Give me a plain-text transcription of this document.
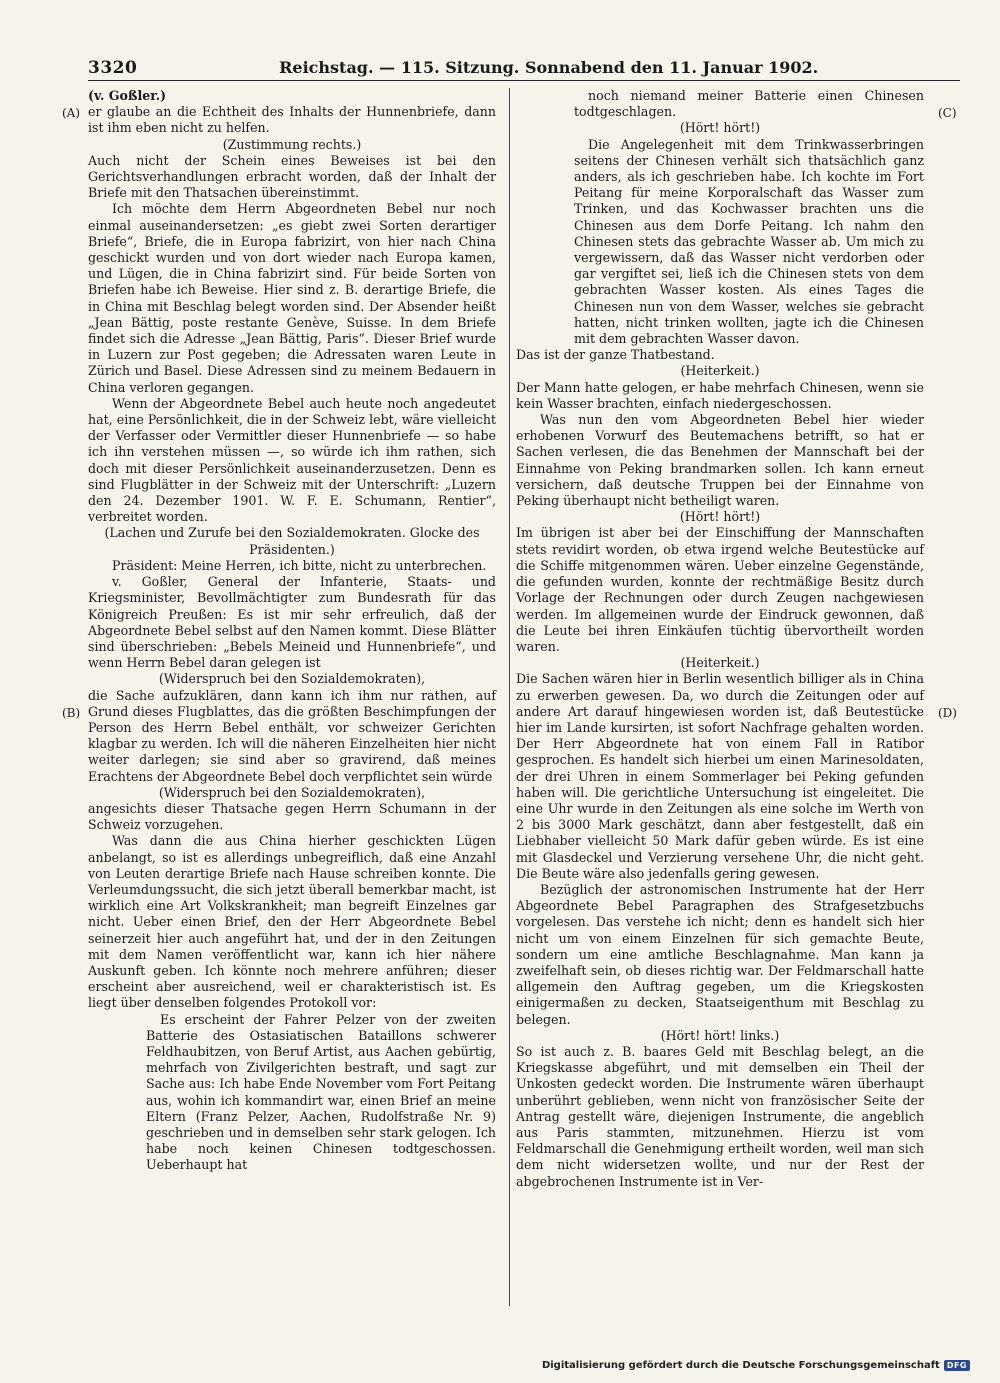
3320	Reichstag. — 115. Sitzung. Sonnabend den 11. Januar 1902.
(A)
(B)
(C)
(D)

(v. Goßler.)

er glaube an die Echtheit des Inhalts der Hunnenbriefe, dann ist ihm eben nicht zu helfen.

(Zustimmung rechts.)

Auch nicht der Schein eines Beweises ist bei den Gerichtsverhandlungen erbracht worden, daß der Inhalt der Briefe mit den Thatsachen übereinstimmt.

Ich möchte dem Herrn Abgeordneten Bebel nur noch einmal auseinandersetzen: „es giebt zwei Sorten derartiger Briefe“, Briefe, die in Europa fabrizirt, von hier nach China geschickt wurden und von dort wieder nach Europa kamen, und Lügen, die in China fabrizirt sind. Für beide Sorten von Briefen habe ich Beweise. Hier sind z. B. derartige Briefe, die in China mit Beschlag belegt worden sind. Der Absender heißt „Jean Bättig, poste restante Genève, Suisse. In dem Briefe findet sich die Adresse „Jean Bättig, Paris“. Dieser Brief wurde in Luzern zur Post gegeben; die Adressaten waren Leute in Zürich und Basel. Diese Adressen sind zu meinem Bedauern in China verloren gegangen.

Wenn der Abgeordnete Bebel auch heute noch angedeutet hat, eine Persönlichkeit, die in der Schweiz lebt, wäre vielleicht der Verfasser oder Vermittler dieser Hunnenbriefe — so habe ich ihn verstehen müssen —, so würde ich ihm rathen, sich doch mit dieser Persönlichkeit auseinanderzusetzen. Denn es sind Flugblätter in der Schweiz mit der Unterschrift: „Luzern den 24. Dezember 1901. W. F. E. Schumann, Rentier“, verbreitet worden.

(Lachen und Zurufe bei den Sozialdemokraten. Glocke des Präsidenten.)

Präsident: Meine Herren, ich bitte, nicht zu unterbrechen.

v. Goßler, General der Infanterie, Staats- und Kriegsminister, Bevollmächtigter zum Bundesrath für das Königreich Preußen: Es ist mir sehr erfreulich, daß der Abgeordnete Bebel selbst auf den Namen kommt. Diese Blätter sind überschrieben: „Bebels Meineid und Hunnenbriefe“, und wenn Herrn Bebel daran gelegen ist

(Widerspruch bei den Sozialdemokraten),

die Sache aufzuklären, dann kann ich ihm nur rathen, auf Grund dieses Flugblattes, das die größten Beschimpfungen der Person des Herrn Bebel enthält, vor schweizer Gerichten klagbar zu werden. Ich will die näheren Einzelheiten hier nicht weiter darlegen; sie sind aber so gravirend, daß meines Erachtens der Abgeordnete Bebel doch verpflichtet sein würde

(Widerspruch bei den Sozialdemokraten),

angesichts dieser Thatsache gegen Herrn Schumann in der Schweiz vorzugehen.

Was dann die aus China hierher geschickten Lügen anbelangt, so ist es allerdings unbegreiflich, daß eine Anzahl von Leuten derartige Briefe nach Hause schreiben konnte. Die Verleumdungssucht, die sich jetzt überall bemerkbar macht, ist wirklich eine Art Volkskrankheit; man begreift Einzelnes gar nicht. Ueber einen Brief, den der Herr Abgeordnete Bebel seinerzeit hier auch angeführt hat, und der in den Zeitungen mit dem Namen veröffentlicht war, kann ich hier nähere Auskunft geben. Ich könnte noch mehrere anführen; dieser erscheint aber ausreichend, weil er charakteristisch ist. Es liegt über denselben folgendes Protokoll vor:

Es erscheint der Fahrer Pelzer von der zweiten Batterie des Ostasiatischen Bataillons schwerer Feldhaubitzen, von Beruf Artist, aus Aachen gebürtig, mehrfach von Zivilgerichten bestraft, und sagt zur Sache aus: Ich habe Ende November vom Fort Peitang aus, wohin ich kommandirt war, einen Brief an meine Eltern (Franz Pelzer, Aachen, Rudolfstraße Nr. 9) geschrieben und in demselben sehr stark gelogen. Ich habe noch keinen Chinesen todtgeschossen. Ueberhaupt hat

noch niemand meiner Batterie einen Chinesen todtgeschlagen.

(Hört! hört!)

Die Angelegenheit mit dem Trinkwasserbringen seitens der Chinesen verhält sich thatsächlich ganz anders, als ich geschrieben habe. Ich kochte im Fort Peitang für meine Korporalschaft das Wasser zum Trinken, und das Kochwasser brachten uns die Chinesen aus dem Dorfe Peitang. Ich nahm den Chinesen stets das gebrachte Wasser ab. Um mich zu vergewissern, daß das Wasser nicht verdorben oder gar vergiftet sei, ließ ich die Chinesen stets von dem gebrachten Wasser kosten. Als eines Tages die Chinesen nun von dem Wasser, welches sie gebracht hatten, nicht trinken wollten, jagte ich die Chinesen mit dem gebrachten Wasser davon.

Das ist der ganze Thatbestand.

(Heiterkeit.)

Der Mann hatte gelogen, er habe mehrfach Chinesen, wenn sie kein Wasser brachten, einfach niedergeschossen.

Was nun den vom Abgeordneten Bebel hier wieder erhobenen Vorwurf des Beutemachens betrifft, so hat er Sachen verlesen, die das Benehmen der Mannschaft bei der Einnahme von Peking brandmarken sollen. Ich kann erneut versichern, daß deutsche Truppen bei der Einnahme von Peking überhaupt nicht betheiligt waren.

(Hört! hört!)

Im übrigen ist aber bei der Einschiffung der Mannschaften stets revidirt worden, ob etwa irgend welche Beutestücke auf die Schiffe mitgenommen wären. Ueber einzelne Gegenstände, die gefunden wurden, konnte der rechtmäßige Besitz durch Vorlage der Rechnungen oder durch Zeugen nachgewiesen werden. Im allgemeinen wurde der Eindruck gewonnen, daß die Leute bei ihren Einkäufen tüchtig übervortheilt worden waren.

(Heiterkeit.)

Die Sachen wären hier in Berlin wesentlich billiger als in China zu erwerben gewesen. Da, wo durch die Zeitungen oder auf andere Art darauf hingewiesen worden ist, daß Beutestücke hier im Lande kursirten, ist sofort Nachfrage gehalten worden. Der Herr Abgeordnete hat von einem Fall in Ratibor gesprochen. Es handelt sich hierbei um einen Marinesoldaten, der drei Uhren in einem Sommerlager bei Peking gefunden haben will. Die gerichtliche Untersuchung ist eingeleitet. Die eine Uhr wurde in den Zeitungen als eine solche im Werth von 2 bis 3000 Mark geschätzt, dann aber festgestellt, daß ein Liebhaber vielleicht 50 Mark dafür geben würde. Es ist eine mit Glasdeckel und Verzierung versehene Uhr, die nicht geht. Die Beute wäre also jedenfalls gering gewesen.

Bezüglich der astronomischen Instrumente hat der Herr Abgeordnete Bebel Paragraphen des Strafgesetzbuchs vorgelesen. Das verstehe ich nicht; denn es handelt sich hier nicht um von einem Einzelnen für sich gemachte Beute, sondern um eine amtliche Beschlagnahme. Man kann ja zweifelhaft sein, ob dieses richtig war. Der Feldmarschall hatte allgemein den Auftrag gegeben, um die Kriegskosten einigermaßen zu decken, Staatseigenthum mit Beschlag zu belegen.

(Hört! hört! links.)

So ist auch z. B. baares Geld mit Beschlag belegt, an die Kriegskasse abgeführt, und mit demselben ein Theil der Unkosten gedeckt worden. Die Instrumente wären überhaupt unberührt geblieben, wenn nicht von französischer Seite der Antrag gestellt wäre, diejenigen Instrumente, die angeblich aus Paris stammten, mitzunehmen. Hierzu ist vom Feldmarschall die Genehmigung ertheilt worden, weil man sich dem nicht widersetzen wollte, und nur der Rest der abgebrochenen Instrumente ist in Ver-

Digitalisierung gefördert durch die Deutsche Forschungsgemeinschaft DFG
